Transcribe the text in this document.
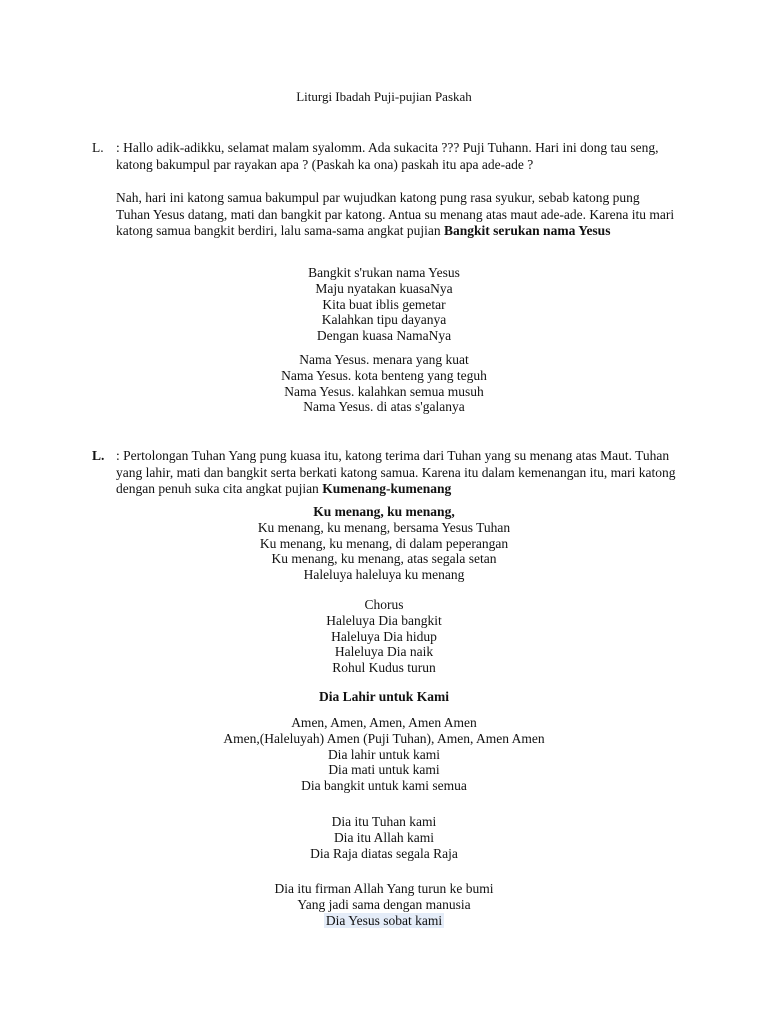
Liturgi Ibadah Puji-pujian Paskah
L. : Hallo adik-adikku, selamat malam syalomm. Ada sukacita ??? Puji Tuhann. Hari ini dong tau seng, katong bakumpul par rayakan apa ? (Paskah ka ona) paskah itu apa ade-ade ?
Nah, hari ini katong samua bakumpul par wujudkan katong pung rasa syukur, sebab katong pung Tuhan Yesus datang, mati dan bangkit par katong. Antua su menang atas maut ade-ade. Karena itu mari katong samua bangkit berdiri, lalu sama-sama angkat pujian Bangkit serukan nama Yesus
Bangkit s'rukan nama Yesus
Maju nyatakan kuasaNya
Kita buat iblis gemetar
Kalahkan tipu dayanya
Dengan kuasa NamaNya
Nama Yesus. menara yang kuat
Nama Yesus. kota benteng yang teguh
Nama Yesus. kalahkan semua musuh
Nama Yesus. di atas s'galanya
L. : Pertolongan Tuhan Yang pung kuasa itu, katong terima dari Tuhan yang su menang atas Maut. Tuhan yang lahir, mati dan bangkit serta berkati katong samua. Karena itu dalam kemenangan itu, mari katong dengan penuh suka cita angkat pujian Kumenang-kumenang
Ku menang, ku menang,
Ku menang, ku menang, bersama Yesus Tuhan
Ku menang, ku menang, di dalam peperangan
Ku menang, ku menang, atas segala setan
Haleluya haleluya ku menang
Chorus
Haleluya Dia bangkit
Haleluya Dia hidup
Haleluya Dia naik
Rohul Kudus turun
Dia Lahir untuk Kami
Amen, Amen, Amen, Amen Amen
Amen,(Haleluyah) Amen (Puji Tuhan), Amen, Amen Amen
Dia lahir untuk kami
Dia mati untuk kami
Dia bangkit untuk kami semua
Dia itu Tuhan kami
Dia itu Allah kami
Dia Raja diatas segala Raja
Dia itu firman Allah Yang turun ke bumi
Yang jadi sama dengan manusia
Dia Yesus sobat kami
